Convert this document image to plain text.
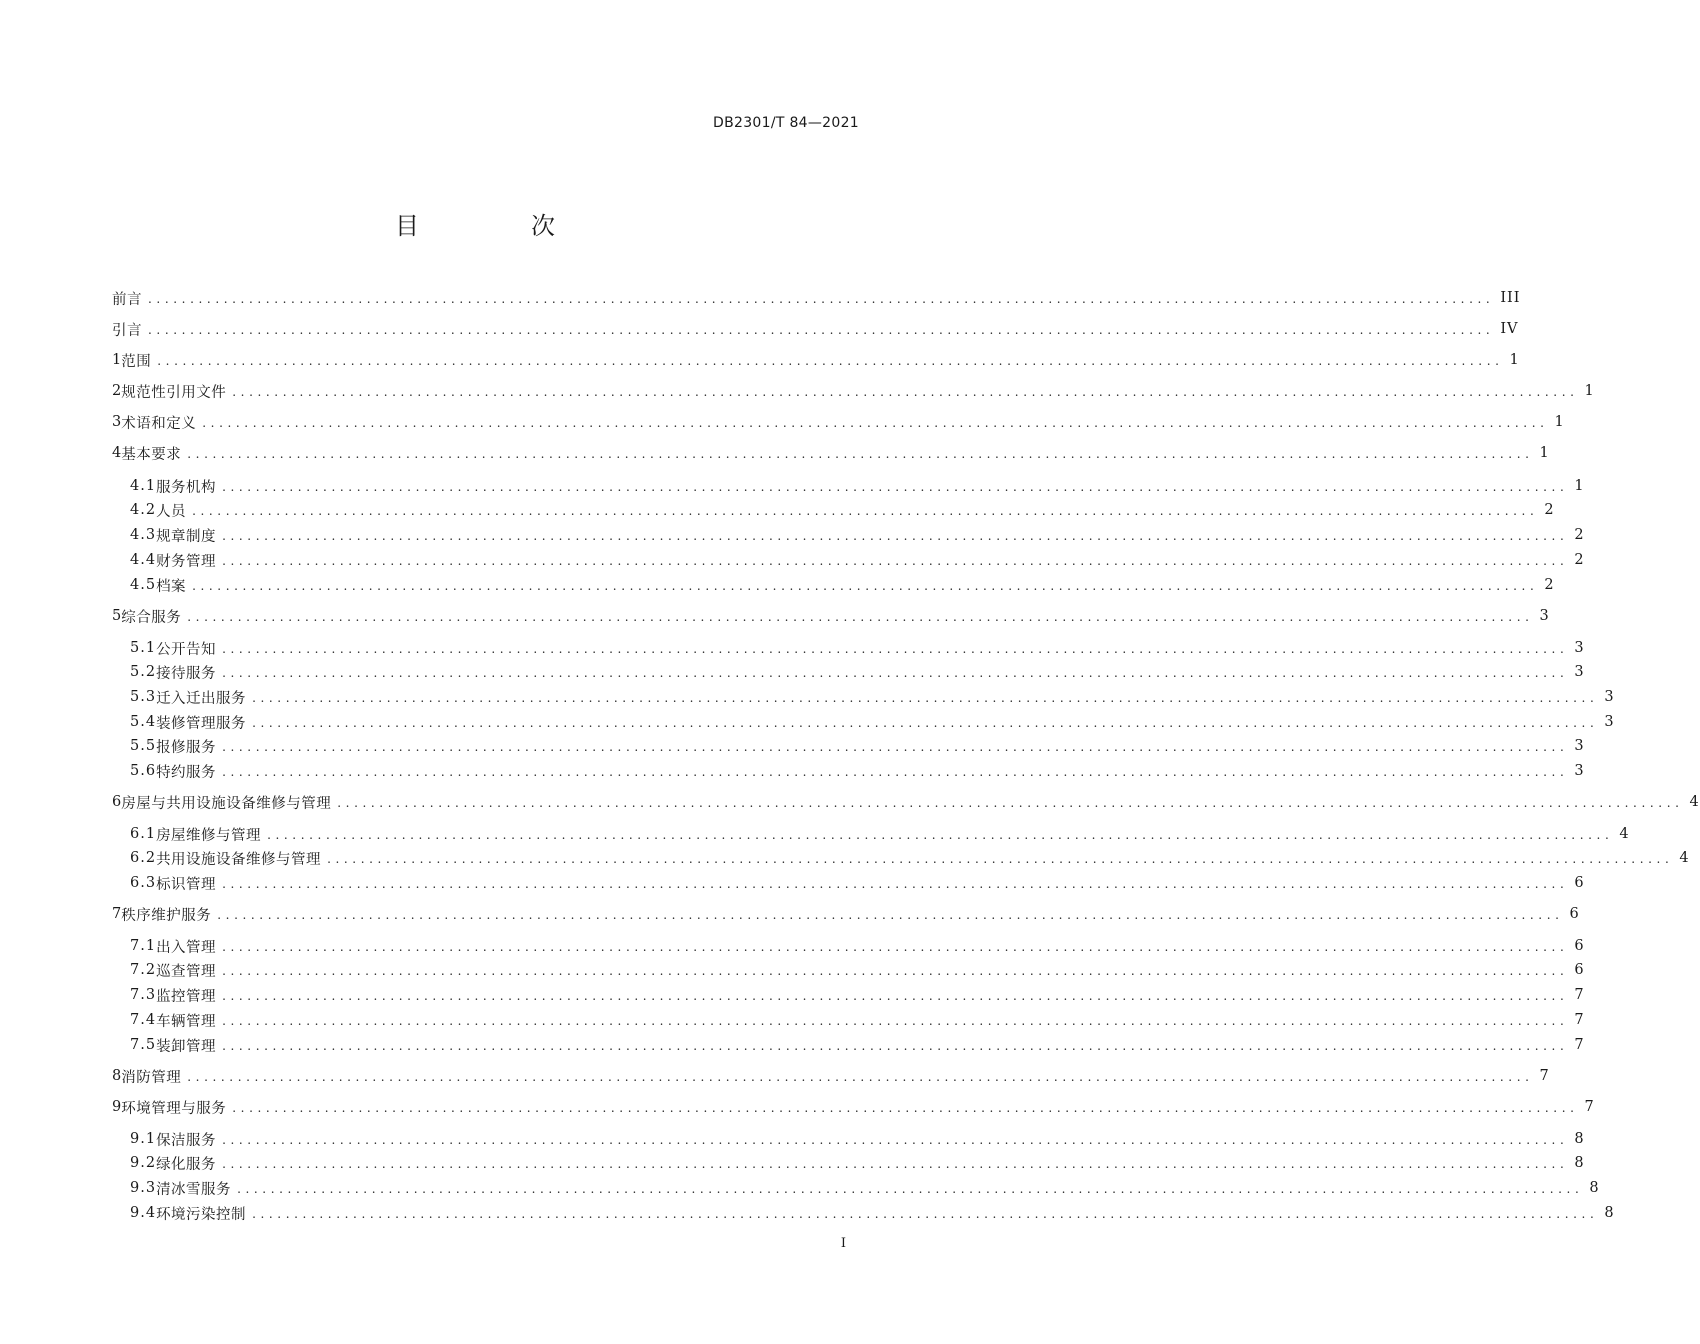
DB2301/T 84—2021
目　次
前言 ................................................................................................................................................................ III
引言 ................................................................................................................................................................ IV
1 范围 ................................................................................................................................................................ 1
2 规范性引用文件 ................................................................................................................................................................ 1
3 术语和定义 ................................................................................................................................................................ 1
4 基本要求 ................................................................................................................................................................ 1
4.1 服务机构 ................................................................................................................................................................ 1
4.2 人员 ................................................................................................................................................................ 2
4.3 规章制度 ................................................................................................................................................................ 2
4.4 财务管理 ................................................................................................................................................................ 2
4.5 档案 ................................................................................................................................................................ 2
5 综合服务 ................................................................................................................................................................ 3
5.1 公开告知 ................................................................................................................................................................ 3
5.2 接待服务 ................................................................................................................................................................ 3
5.3 迁入迁出服务 ................................................................................................................................................................ 3
5.4 装修管理服务 ................................................................................................................................................................ 3
5.5 报修服务 ................................................................................................................................................................ 3
5.6 特约服务 ................................................................................................................................................................ 3
6 房屋与共用设施设备维修与管理 ................................................................................................................................................................ 4
6.1 房屋维修与管理 ................................................................................................................................................................ 4
6.2 共用设施设备维修与管理 ................................................................................................................................................................ 4
6.3 标识管理 ................................................................................................................................................................ 6
7 秩序维护服务 ................................................................................................................................................................ 6
7.1 出入管理 ................................................................................................................................................................ 6
7.2 巡查管理 ................................................................................................................................................................ 6
7.3 监控管理 ................................................................................................................................................................ 7
7.4 车辆管理 ................................................................................................................................................................ 7
7.5 装卸管理 ................................................................................................................................................................ 7
8 消防管理 ................................................................................................................................................................ 7
9 环境管理与服务 ................................................................................................................................................................ 7
9.1 保洁服务 ................................................................................................................................................................ 8
9.2 绿化服务 ................................................................................................................................................................ 8
9.3 清冰雪服务 ................................................................................................................................................................ 8
9.4 环境污染控制 ................................................................................................................................................................ 8
I
